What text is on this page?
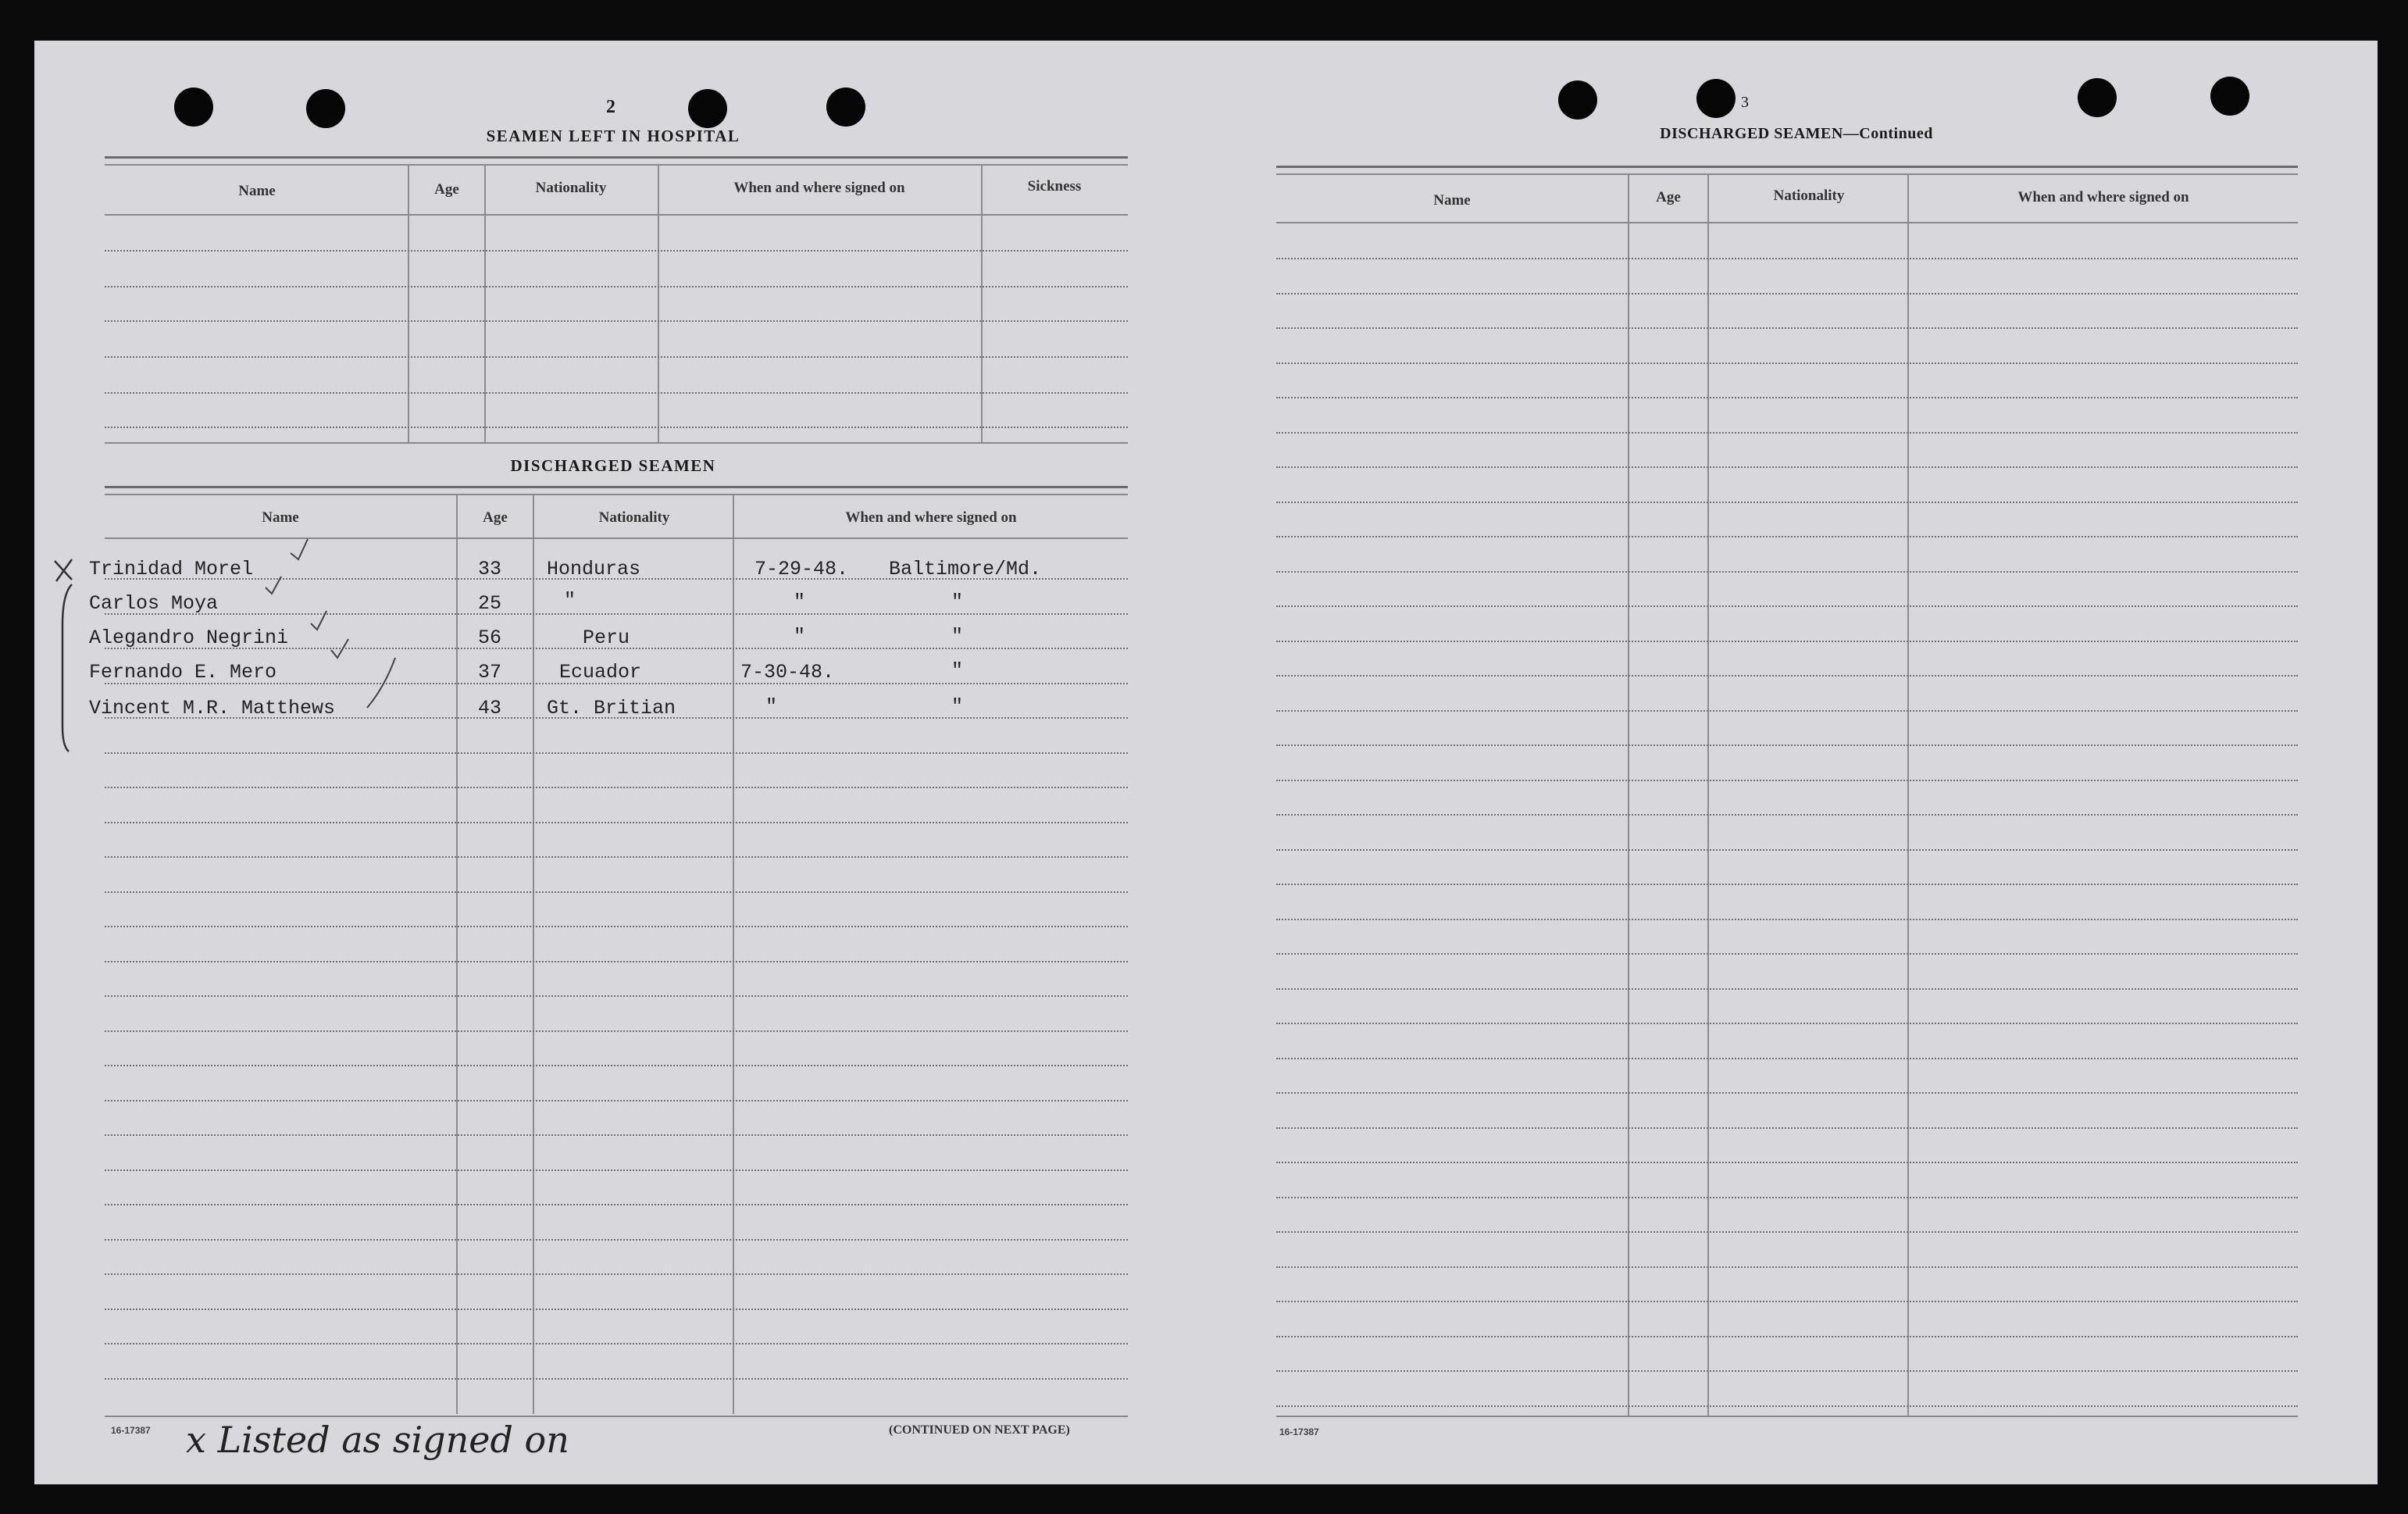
2
SEAMEN LEFT IN HOSPITAL
Name	Age	Nationality	When and where signed on	Sickness
DISCHARGED SEAMEN
Name	Age	Nationality	When and where signed on
Trinidad Morel	33 Honduras	7-29-48. Baltimore/Md.
Carlos Moya	25	"	"	"
Alegandro Negrini	56	Peru	"	"
Fernando E. Mero	37	Ecuador	7-30-48.	"
Vincent M.R. Matthews	43 Gt. Britian	"	"
16-17387	(CONTINUED ON NEXT PAGE)
x Listed as signed on
3
DISCHARGED SEAMEN—Continued
Name	Age	Nationality	When and where signed on
16-17387
